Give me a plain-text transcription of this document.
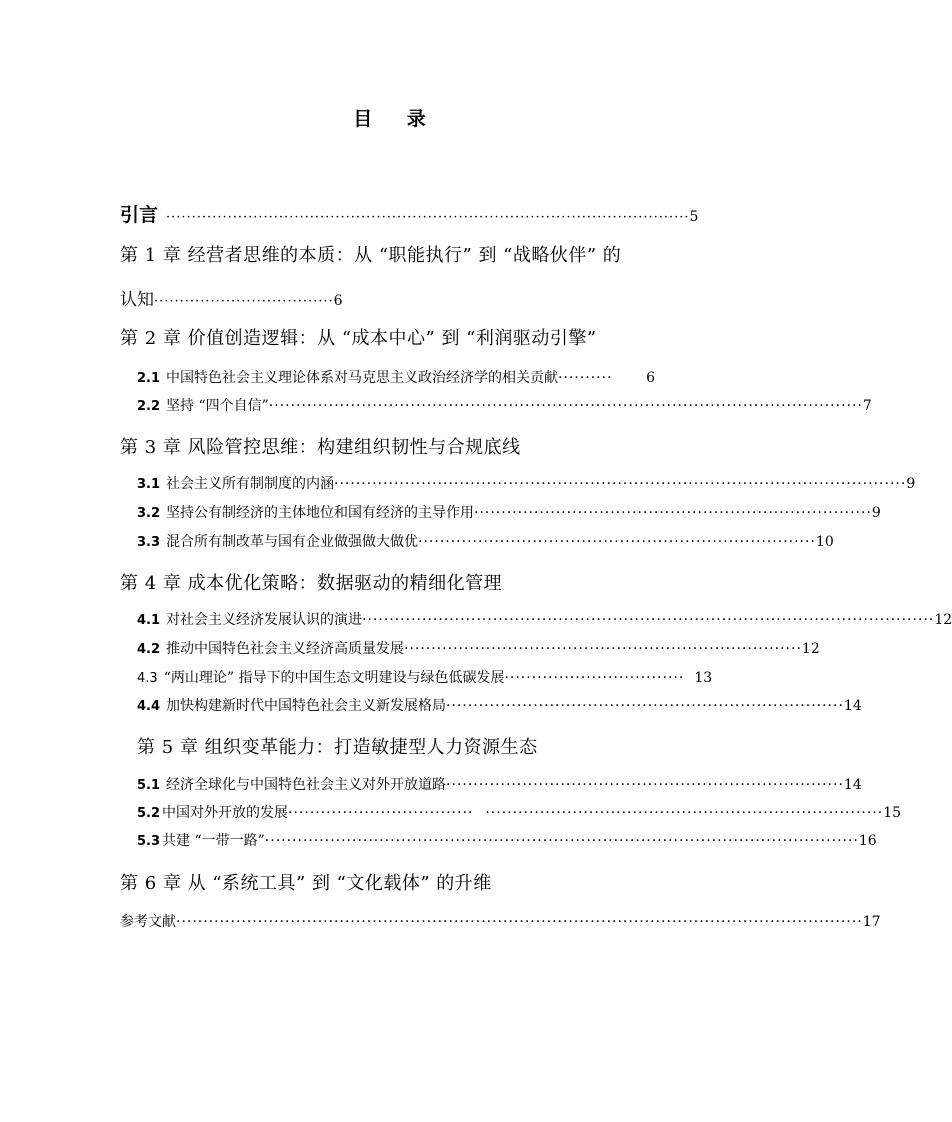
目 录
引言 ······································································································ 5
第 1 章 经营者思维的本质：从 “职能执行” 到 “战略伙伴” 的
认知 ··································· 6
第 2 章 价值创造逻辑：从 “成本中心” 到 “利润驱动引擎”
2.1 中国特色社会主义理论体系对马克思主义政治经济学的相关贡献 ··········	6
2.2 坚持 “四个自信” ············································································································· 7
第 3 章 风险管控思维：构建组织韧性与合规底线
3.1 社会主义所有制制度的内涵 ········································································································· 9
3.2 坚持公有制经济的主体地位和国有经济的主导作用 ········································································· 9
3.3 混合所有制改革与国有企业做强做大做优 ········································································· 10
第 4 章 成本优化策略：数据驱动的精细化管理
4.1 对社会主义经济发展认识的演进 ········································································································· 12
4.2 推动中国特色社会主义经济高质量发展 ········································································· 12
4.3 “两山理论” 指导下的中国生态文明建设与绿色低碳发展 ································· 13
4.4 加快构建新时代中国特色社会主义新发展格局 ········································································· 14
第 5 章 组织变革能力：打造敏捷型人力资源生态
5.1 经济全球化与中国特色社会主义对外开放道路 ········································································· 14
5.2 中国对外开放的发展 ·································· ········································································· 15
5.3 共建 “一带一路” ············································································································· 16
第 6 章 从 “系统工具” 到 “文化载体” 的升维
参考文献 ······························································································································ 17
